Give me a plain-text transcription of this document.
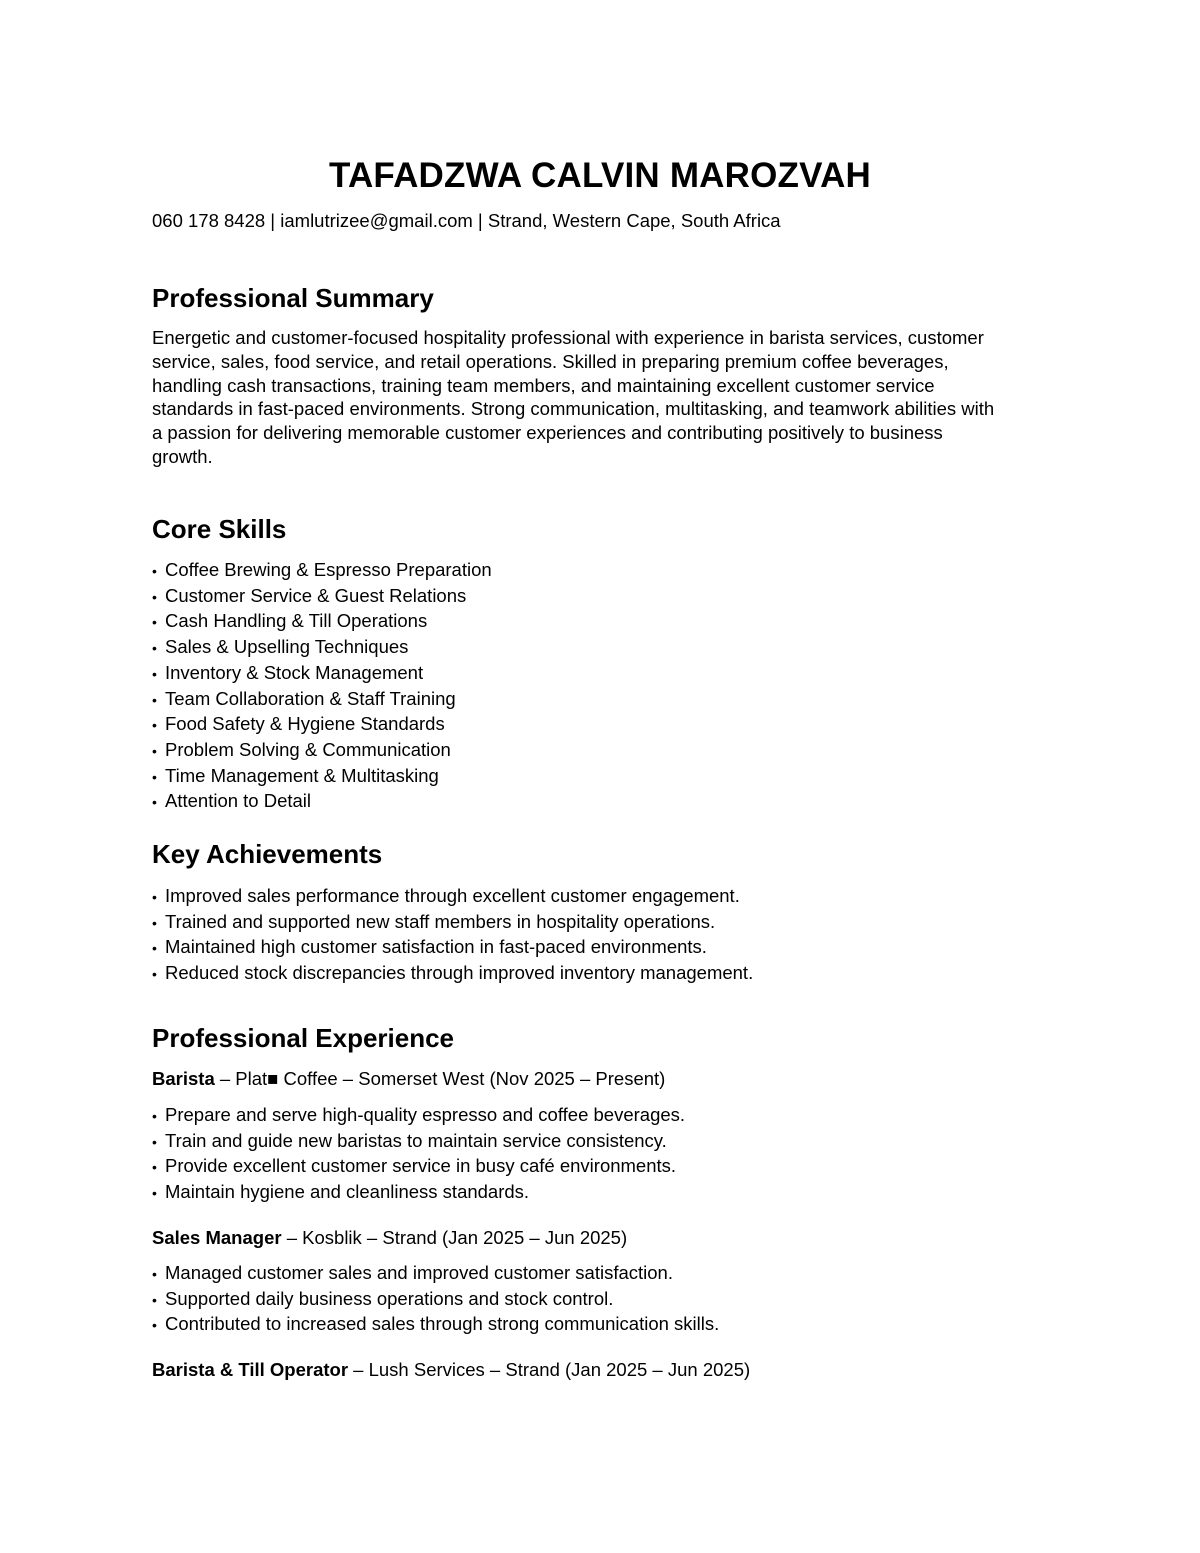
TAFADZWA CALVIN MAROZVAH
060 178 8428 | iamlutrizee@gmail.com | Strand, Western Cape, South Africa
Professional Summary
Energetic and customer-focused hospitality professional with experience in barista services, customer
service, sales, food service, and retail operations. Skilled in preparing premium coffee beverages,
handling cash transactions, training team members, and maintaining excellent customer service
standards in fast-paced environments. Strong communication, multitasking, and teamwork abilities with
a passion for delivering memorable customer experiences and contributing positively to business
growth.
Core Skills
• Coffee Brewing & Espresso Preparation
• Customer Service & Guest Relations
• Cash Handling & Till Operations
• Sales & Upselling Techniques
• Inventory & Stock Management
• Team Collaboration & Staff Training
• Food Safety & Hygiene Standards
• Problem Solving & Communication
• Time Management & Multitasking
• Attention to Detail
Key Achievements
• Improved sales performance through excellent customer engagement.
• Trained and supported new staff members in hospitality operations.
• Maintained high customer satisfaction in fast-paced environments.
• Reduced stock discrepancies through improved inventory management.
Professional Experience
Barista – Plat■ Coffee – Somerset West (Nov 2025 – Present)
• Prepare and serve high-quality espresso and coffee beverages.
• Train and guide new baristas to maintain service consistency.
• Provide excellent customer service in busy café environments.
• Maintain hygiene and cleanliness standards.
Sales Manager – Kosblik – Strand (Jan 2025 – Jun 2025)
• Managed customer sales and improved customer satisfaction.
• Supported daily business operations and stock control.
• Contributed to increased sales through strong communication skills.
Barista & Till Operator – Lush Services – Strand (Jan 2025 – Jun 2025)
